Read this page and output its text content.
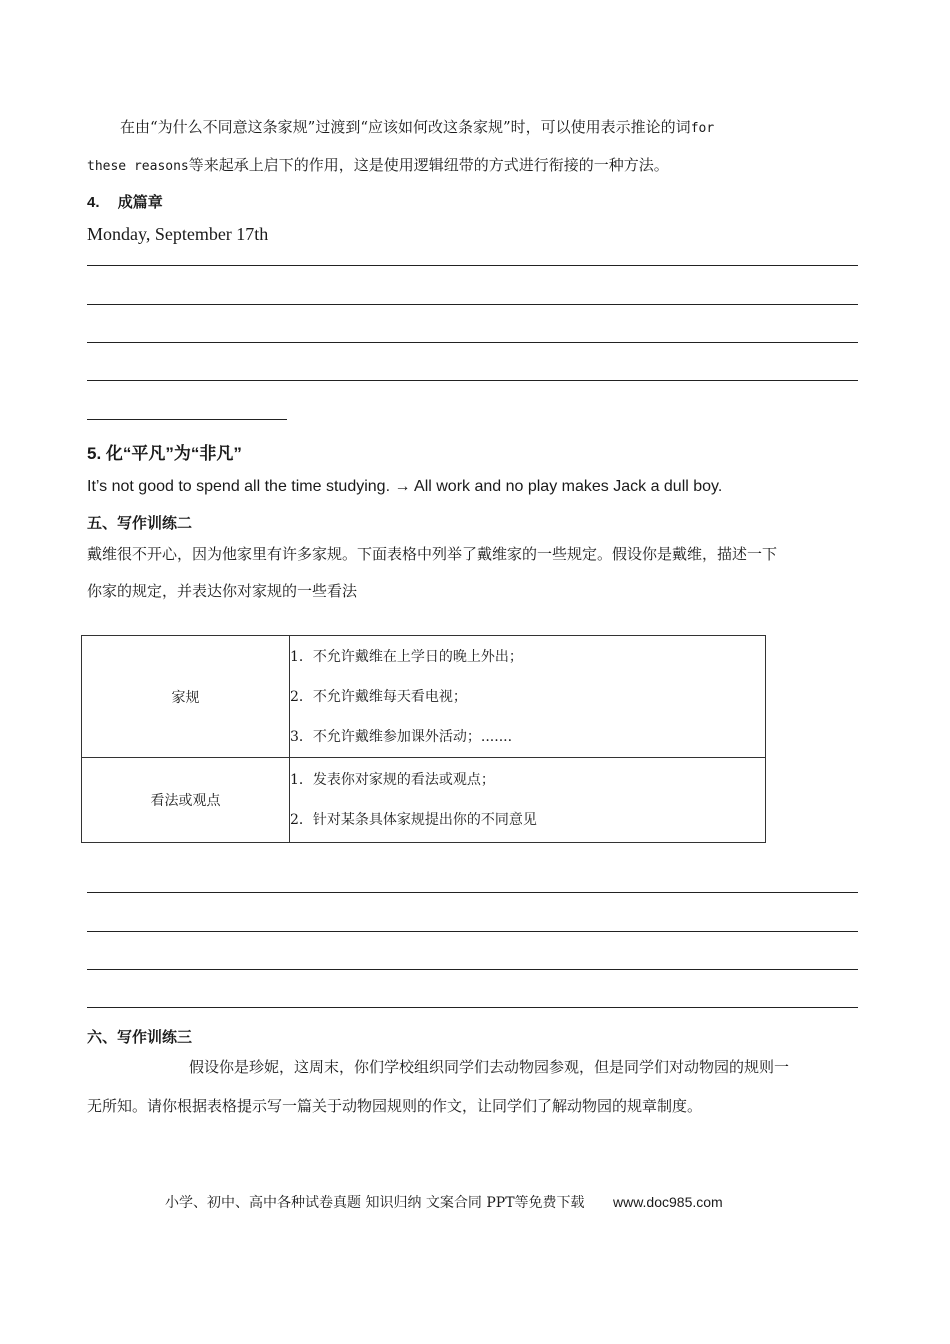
在由“为什么不同意这条家规”过渡到“应该如何改这条家规”时，可以使用表示推论的词for
these reasons等来起承上启下的作用，这是使用逻辑纽带的方式进行衔接的一种方法。
4. 成篇章
Monday, September 17th
5. 化“平凡”为“非凡”
It’s not good to spend all the time studying. → All work and no play makes Jack a dull boy.
五、写作训练二
戴维很不开心，因为他家里有许多家规。下面表格中列举了戴维家的一些规定。假设你是戴维，描述一下
你家的规定，并表达你对家规的一些看法
家规	1．不允许戴维在上学日的晚上外出；
2．不允许戴维每天看电视；
3．不允许戴维参加课外活动；.......

看法或观点	1．发表你对家规的看法或观点；
2．针对某条具体家规提出你的不同意见
六、写作训练三
假设你是珍妮，这周末，你们学校组织同学们去动物园参观，但是同学们对动物园的规则一
无所知。请你根据表格提示写一篇关于动物园规则的作文，让同学们了解动物园的规章制度。
小学、初中、高中各种试卷真题 知识归纳 文案合同 PPT等免费下载 www.doc985.com
